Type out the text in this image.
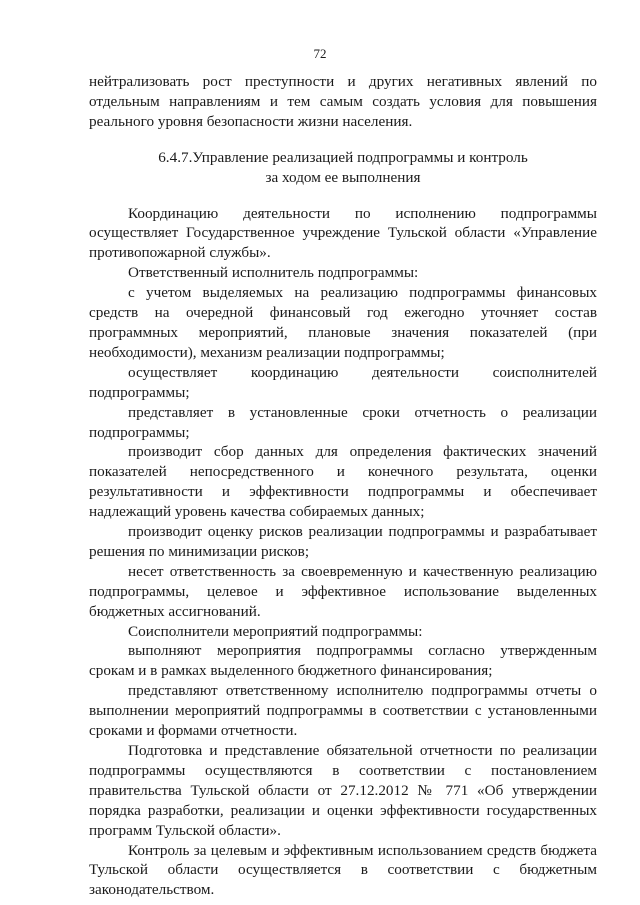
72

нейтрализовать рост преступности и других негативных явлений по отдельным направлениям и тем самым создать условия для повышения реального уровня безопасности жизни населения.

6.4.7.Управление реализацией подпрограммы и контроль
за ходом ее выполнения

Координацию деятельности по исполнению подпрограммы осуществляет Государственное учреждение Тульской области «Управление противопожарной службы».

Ответственный исполнитель подпрограммы:

с учетом выделяемых на реализацию подпрограммы финансовых средств на очередной финансовый год ежегодно уточняет состав программных мероприятий, плановые значения показателей (при необходимости), механизм реализации подпрограммы;

осуществляет координацию деятельности соисполнителей подпрограммы;

представляет в установленные сроки отчетность о реализации подпрограммы;

производит сбор данных для определения фактических значений показателей непосредственного и конечного результата, оценки результативности и эффективности подпрограммы и обеспечивает надлежащий уровень качества собираемых данных;

производит оценку рисков реализации подпрограммы и разрабатывает решения по минимизации рисков;

несет ответственность за своевременную и качественную реализацию подпрограммы, целевое и эффективное использование выделенных бюджетных ассигнований.

Соисполнители мероприятий подпрограммы:

выполняют мероприятия подпрограммы согласно утвержденным срокам и в рамках выделенного бюджетного финансирования;

представляют ответственному исполнителю подпрограммы отчеты о выполнении мероприятий подпрограммы в соответствии с установленными сроками и формами отчетности.

Подготовка и представление обязательной отчетности по реализации подпрограммы осуществляются в соответствии с постановлением правительства Тульской области от 27.12.2012 № 771 «Об утверждении порядка разработки, реализации и оценки эффективности государственных программ Тульской области».

Контроль за целевым и эффективным использованием средств бюджета Тульской области осуществляется в соответствии с бюджетным законодательством.
